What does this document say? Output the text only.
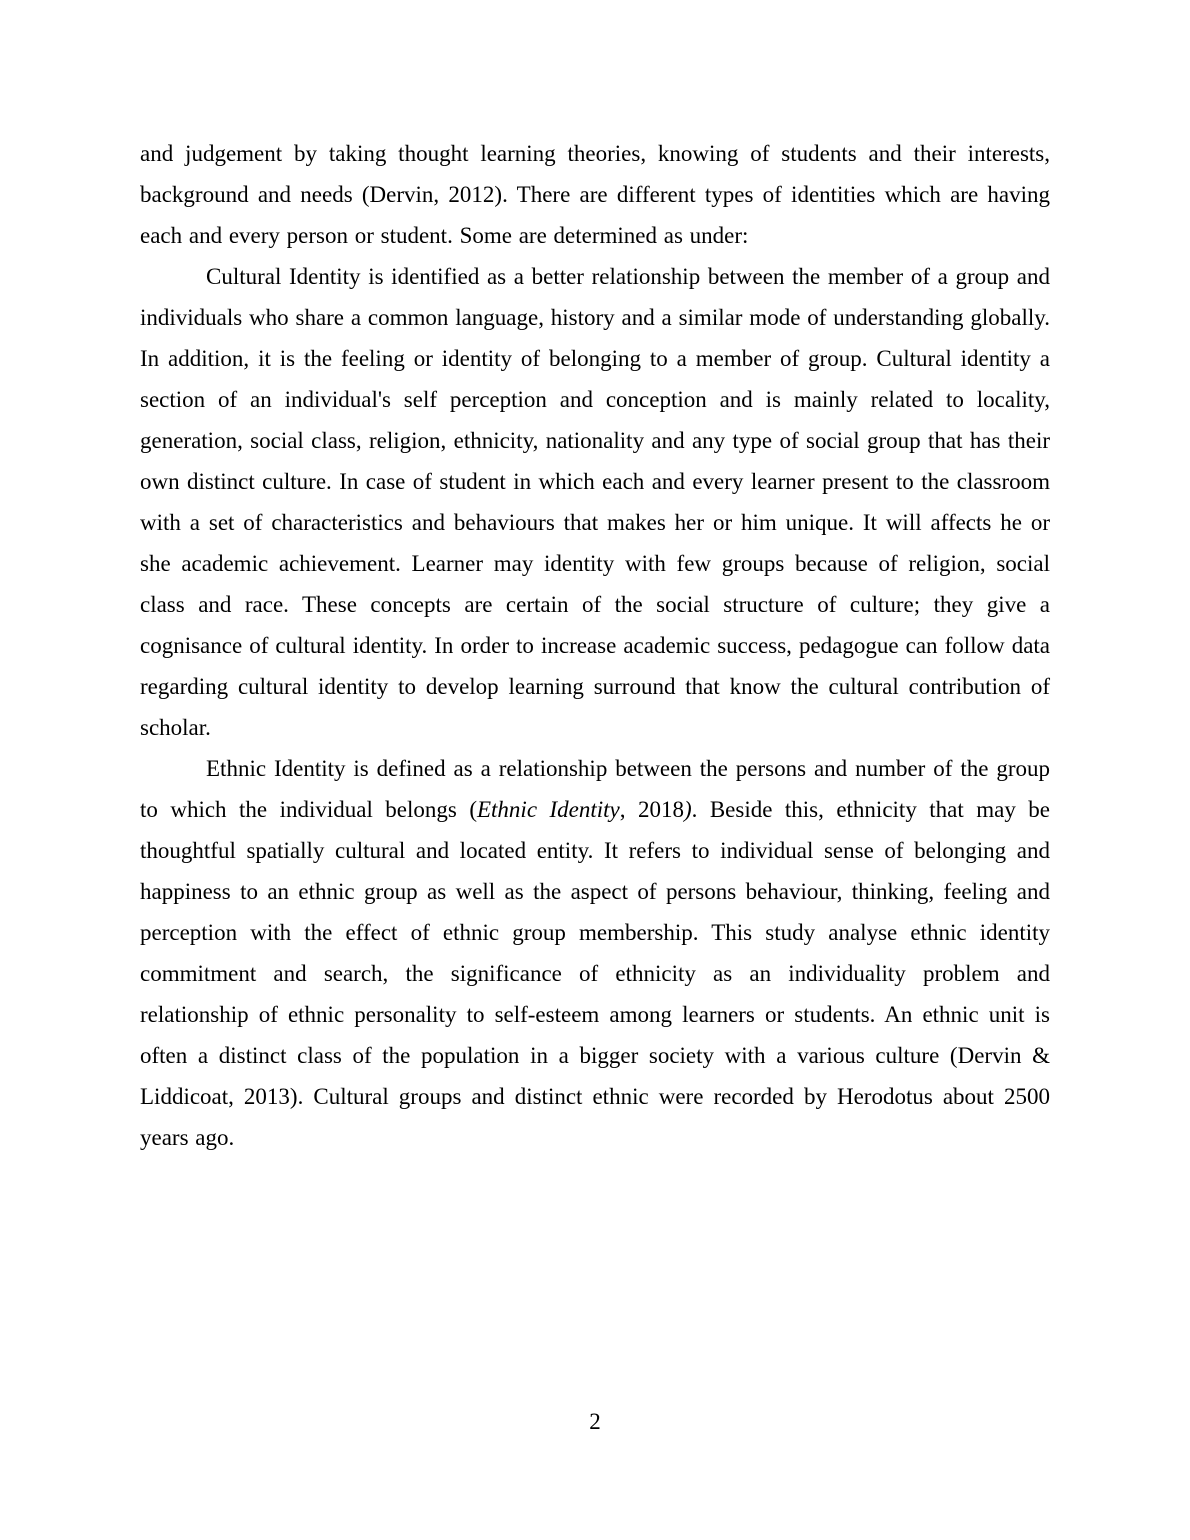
and judgement by taking thought learning theories, knowing of students and their interests, background and needs (Dervin, 2012). There are different types of identities which are having each and every person or student. Some are determined as under:

Cultural Identity is identified as a better relationship between the member of a group and individuals who share a common language, history and a similar mode of understanding globally. In addition, it is the feeling or identity of belonging to a member of group. Cultural identity a section of an individual's self perception and conception and is mainly related to locality, generation, social class, religion, ethnicity, nationality and any type of social group that has their own distinct culture. In case of student in which each and every learner present to the classroom with a set of characteristics and behaviours that makes her or him unique. It will affects he or she academic achievement. Learner may identity with few groups because of religion, social class and race. These concepts are certain of the social structure of culture; they give a cognisance of cultural identity. In order to increase academic success, pedagogue can follow data regarding cultural identity to develop learning surround that know the cultural contribution of scholar.

Ethnic Identity is defined as a relationship between the persons and number of the group to which the individual belongs (Ethnic Identity, 2018). Beside this, ethnicity that may be thoughtful spatially cultural and located entity. It refers to individual sense of belonging and happiness to an ethnic group as well as the aspect of persons behaviour, thinking, feeling and perception with the effect of ethnic group membership. This study analyse ethnic identity commitment and search, the significance of ethnicity as an individuality problem and relationship of ethnic personality to self-esteem among learners or students. An ethnic unit is often a distinct class of the population in a bigger society with a various culture (Dervin & Liddicoat, 2013). Cultural groups and distinct ethnic were recorded by Herodotus about 2500 years ago.

2
